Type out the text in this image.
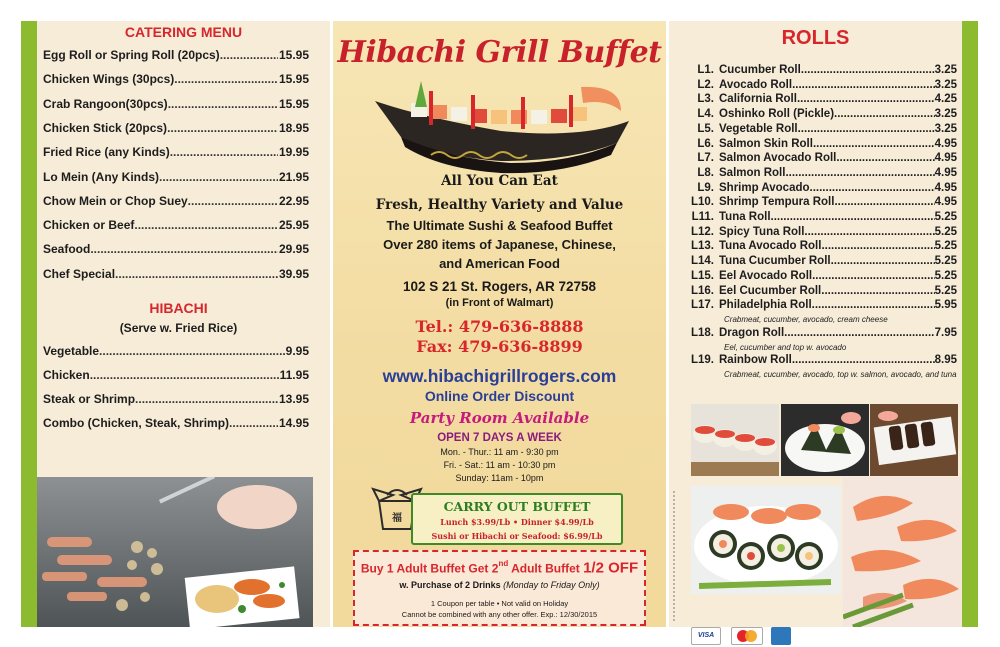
CATERING MENU
Egg Roll or Spring Roll (20pcs) .....	15.95
Chicken Wings (30pcs) .....	15.95
Crab Rangoon(30pcs) .....	15.95
Chicken Stick (20pcs) .....	18.95
Fried Rice (any Kinds) .....	19.95
Lo Mein (Any Kinds) .....	21.95
Chow Mein or Chop Suey .....	22.95
Chicken or Beef .....	25.95
Seafood .....	29.95
Chef Special .....	39.95
HIBACHI
(Serve w. Fried Rice)
Vegetable .....	9.95
Chicken .....	11.95
Steak or Shrimp .....	13.95
Combo (Chicken, Steak, Shrimp) .....	14.95
Hibachi Grill Buffet
All You Can Eat
Fresh, Healthy Variety and Value
The Ultimate Sushi & Seafood Buffet
Over 280 items of Japanese, Chinese,
and American Food
102 S 21 St. Rogers, AR 72758
(in Front of Walmart)
Tel.: 479-636-8888
Fax: 479-636-8899
www.hibachigrillrogers.com
Online Order Discount
Party Room Available
OPEN 7 DAYS A WEEK
Mon. - Thur.: 11 am - 9:30 pm
Fri. - Sat.: 11 am - 10:30 pm
Sunday: 11am - 10pm
福
CARRY OUT BUFFET
Lunch $3.99/Lb • Dinner $4.99/Lb
Sushi or Hibachi or Seafood: $6.99/Lb
Buy 1 Adult Buffet Get 2nd Adult Buffet 1/2 OFF
w. Purchase of 2 Drinks (Monday to Friday Only)
1 Coupon per table • Not valid on Holiday
Cannot be combined with any other offer. Exp.: 12/30/2015
ROLLS
L1. Cucumber Roll .....	3.25
L2. Avocado Roll .....	3.25
L3. California Roll .....	4.25
L4. Oshinko Roll (Pickle) .....	3.25
L5. Vegetable Roll .....	3.25
L6. Salmon Skin Roll .....	4.95
L7. Salmon Avocado Roll .....	4.95
L8. Salmon Roll .....	4.95
L9. Shrimp Avocado .....	4.95
L10. Shrimp Tempura Roll .....	4.95
L11. Tuna Roll .....	5.25
L12. Spicy Tuna Roll .....	5.25
L13. Tuna Avocado Roll .....	5.25
L14. Tuna Cucumber Roll .....	5.25
L15. Eel Avocado Roll .....	5.25
L16. Eel Cucumber Roll .....	5.25
L17. Philadelphia Roll .....	5.95
Crabmeat, cucumber, avocado, cream cheese
L18. Dragon Roll .....	7.95
Eel, cucumber and top w. avocado
L19. Rainbow Roll .....	8.95
Crabmeat, cucumber, avocado, top w. salmon, avocado, and tuna
VISA
